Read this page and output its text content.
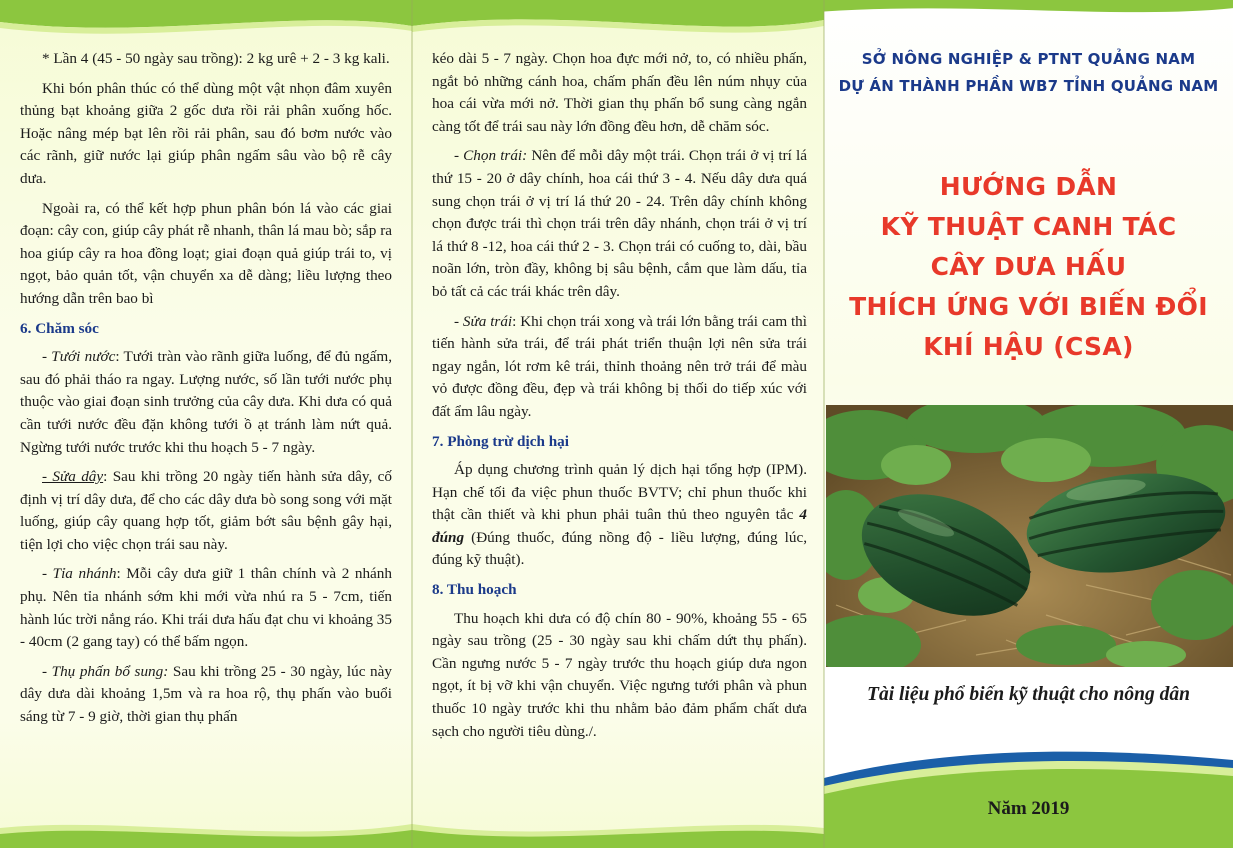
* Lần 4 (45 - 50 ngày sau trồng): 2 kg urê + 2 - 3 kg kali.

Khi bón phân thúc có thể dùng một vật nhọn đâm xuyên thủng bạt khoảng giữa 2 gốc dưa rồi rải phân xuống hốc. Hoặc nâng mép bạt lên rồi rải phân, sau đó bơm nước vào các rãnh, giữ nước lại giúp phân ngấm sâu vào bộ rễ cây dưa.

Ngoài ra, có thể kết hợp phun phân bón lá vào các giai đoạn: cây con, giúp cây phát rễ nhanh, thân lá mau bò; sắp ra hoa giúp cây ra hoa đồng loạt; giai đoạn quả giúp trái to, vị ngọt, bảo quản tốt, vận chuyển xa dễ dàng; liều lượng theo hướng dẫn trên bao bì

6. Chăm sóc

- Tưới nước: Tưới tràn vào rãnh giữa luống, để đủ ngấm, sau đó phải tháo ra ngay. Lượng nước, số lần tưới nước phụ thuộc vào giai đoạn sinh trưởng của cây dưa. Khi dưa có quả cần tưới nước đều đặn không tưới ồ ạt tránh làm nứt quả. Ngừng tưới nước trước khi thu hoạch 5 - 7 ngày.

- Sửa dây: Sau khi trồng 20 ngày tiến hành sửa dây, cố định vị trí dây dưa, để cho các dây dưa bò song song với mặt luống, giúp cây quang hợp tốt, giảm bớt sâu bệnh gây hại, tiện lợi cho việc chọn trái sau này.

- Tỉa nhánh: Mỗi cây dưa giữ 1 thân chính và 2 nhánh phụ. Nên tỉa nhánh sớm khi mới vừa nhú ra 5 - 7cm, tiến hành lúc trời nắng ráo. Khi trái dưa hấu đạt chu vi khoảng 35 - 40cm (2 gang tay) có thể bấm ngọn.

- Thụ phấn bổ sung: Sau khi trồng 25 - 30 ngày, lúc này dây dưa dài khoảng 1,5m và ra hoa rộ, thụ phấn vào buổi sáng từ 7 - 9 giờ, thời gian thụ phấn

kéo dài 5 - 7 ngày. Chọn hoa đực mới nở, to, có nhiều phấn, ngắt bỏ những cánh hoa, chấm phấn đều lên núm nhụy của hoa cái vừa mới nở. Thời gian thụ phấn bổ sung càng ngắn càng tốt để trái sau này lớn đồng đều hơn, dễ chăm sóc.

- Chọn trái: Nên để mỗi dây một trái. Chọn trái ở vị trí lá thứ 15 - 20 ở dây chính, hoa cái thứ 3 - 4. Nếu dây dưa quá sung chọn trái ở vị trí lá thứ 20 - 24. Trên dây chính không chọn được trái thì chọn trái trên dây nhánh, chọn trái ở vị trí lá thứ 8 -12, hoa cái thứ 2 - 3. Chọn trái có cuống to, dài, bầu noãn lớn, tròn đầy, không bị sâu bệnh, cắm que làm dấu, tỉa bỏ tất cả các trái khác trên dây.

- Sửa trái: Khi chọn trái xong và trái lớn bằng trái cam thì tiến hành sửa trái, để trái phát triển thuận lợi nên sửa trái ngay ngắn, lót rơm kê trái, thỉnh thoảng nên trở trái để màu vỏ được đồng đều, đẹp và trái không bị thối do tiếp xúc với đất ẩm lâu ngày.

7. Phòng trừ dịch hại

Áp dụng chương trình quản lý dịch hại tổng hợp (IPM). Hạn chế tối đa việc phun thuốc BVTV; chỉ phun thuốc khi thật cần thiết và khi phun phải tuân thủ theo nguyên tắc 4 đúng (Đúng thuốc, đúng nồng độ - liều lượng, đúng lúc, đúng kỹ thuật).

8. Thu hoạch

Thu hoạch khi dưa có độ chín 80 - 90%, khoảng 55 - 65 ngày sau trồng (25 - 30 ngày sau khi chấm dứt thụ phấn). Cần ngưng nước 5 - 7 ngày trước thu hoạch giúp dưa ngon ngọt, ít bị vỡ khi vận chuyển. Việc ngưng tưới phân và phun thuốc 10 ngày trước khi thu nhằm bảo đảm phẩm chất dưa sạch cho người tiêu dùng./.

SỞ NÔNG NGHIỆP & PTNT QUẢNG NAM
DỰ ÁN THÀNH PHẦN WB7 TỈNH QUẢNG NAM
HƯỚNG DẪN
KỸ THUẬT CANH TÁC
CÂY DƯA HẤU
THÍCH ỨNG VỚI BIẾN ĐỔI
KHÍ HẬU (CSA)
Tài liệu phổ biến kỹ thuật cho nông dân
Năm 2019
